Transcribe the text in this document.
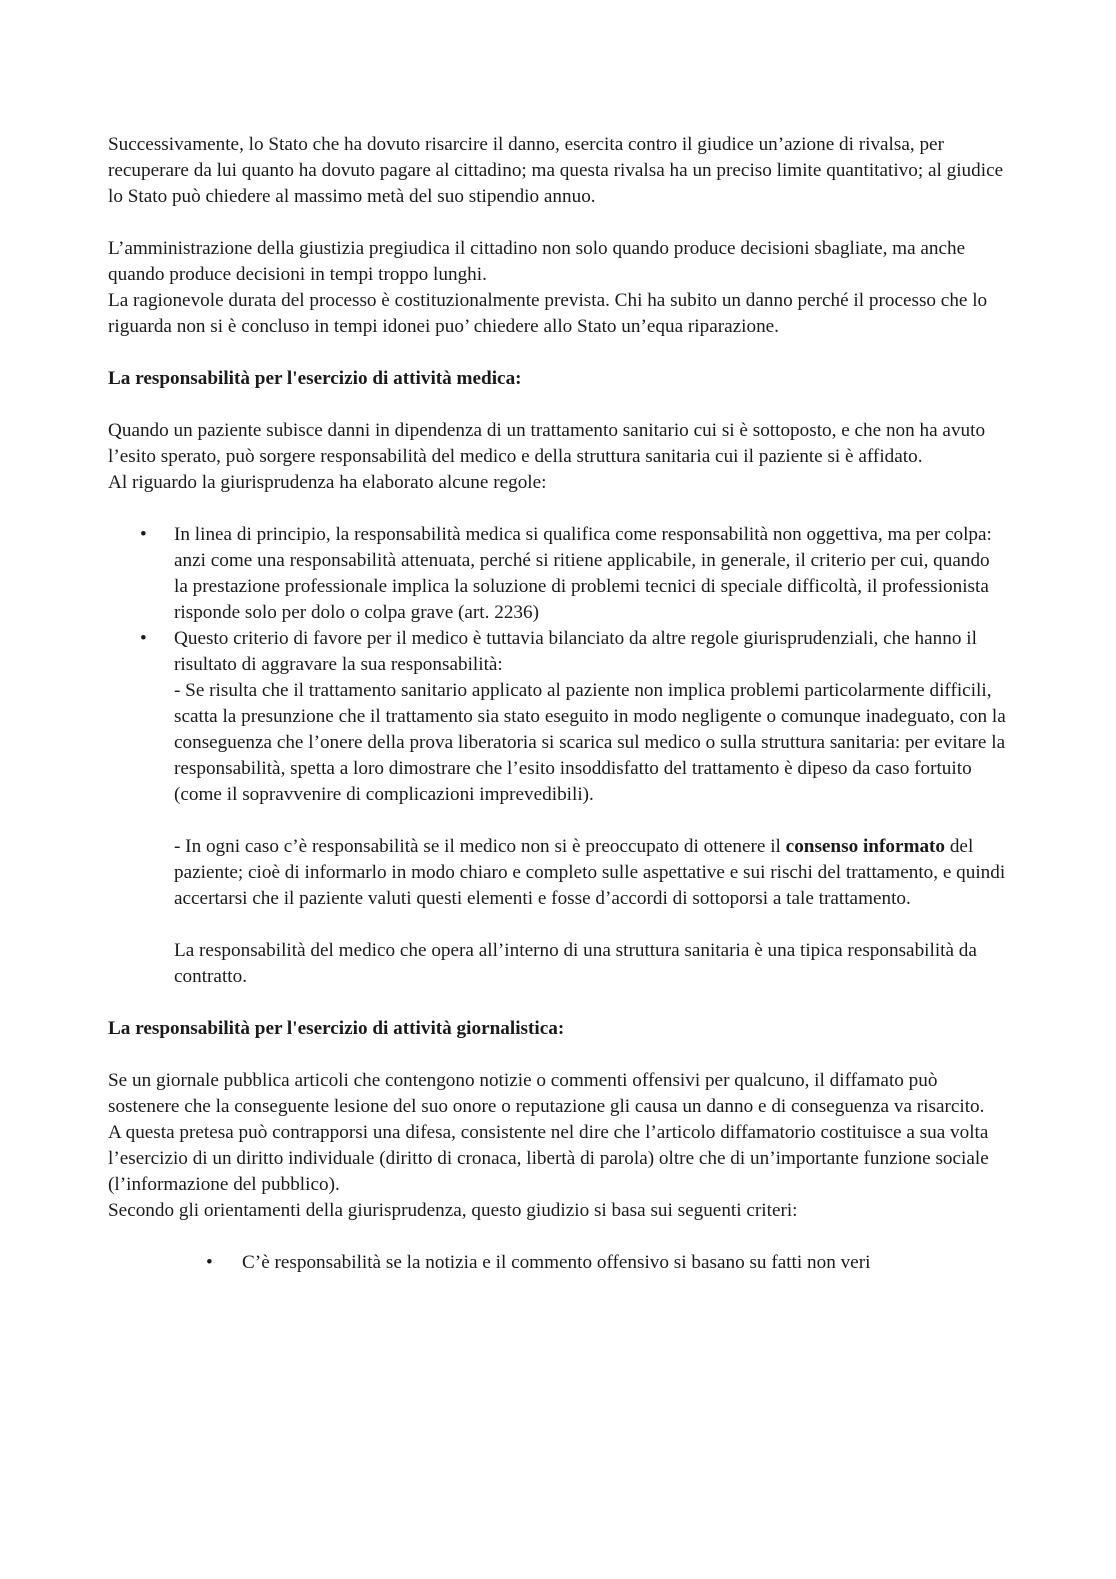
Successivamente, lo Stato che ha dovuto risarcire il danno, esercita contro il giudice un’azione di rivalsa, per recuperare da lui quanto ha dovuto pagare al cittadino; ma questa rivalsa ha un preciso limite quantitativo; al giudice lo Stato può chiedere al massimo metà del suo stipendio annuo.

L’amministrazione della giustizia pregiudica il cittadino non solo quando produce decisioni sbagliate, ma anche quando produce decisioni in tempi troppo lunghi.

La ragionevole durata del processo è costituzionalmente prevista. Chi ha subito un danno perché il processo che lo riguarda non si è concluso in tempi idonei puo’ chiedere allo Stato un’equa riparazione.

La responsabilità per l'esercizio di attività medica:

Quando un paziente subisce danni in dipendenza di un trattamento sanitario cui si è sottoposto, e che non ha avuto l’esito sperato, può sorgere responsabilità del medico e della struttura sanitaria cui il paziente si è affidato.

Al riguardo la giurisprudenza ha elaborato alcune regole:

• In linea di principio, la responsabilità medica si qualifica come responsabilità non oggettiva, ma per colpa: anzi come una responsabilità attenuata, perché si ritiene applicabile, in generale, il criterio per cui, quando la prestazione professionale implica la soluzione di problemi tecnici di speciale difficoltà, il professionista risponde solo per dolo o colpa grave (art. 2236)

• Questo criterio di favore per il medico è tuttavia bilanciato da altre regole giurisprudenziali, che hanno il risultato di aggravare la sua responsabilità:

- Se risulta che il trattamento sanitario applicato al paziente non implica problemi particolarmente difficili, scatta la presunzione che il trattamento sia stato eseguito in modo negligente o comunque inadeguato, con la conseguenza che l’onere della prova liberatoria si scarica sul medico o sulla struttura sanitaria: per evitare la responsabilità, spetta a loro dimostrare che l’esito insoddisfatto del trattamento è dipeso da caso fortuito (come il sopravvenire di complicazioni imprevedibili).

- In ogni caso c’è responsabilità se il medico non si è preoccupato di ottenere il consenso informato del paziente; cioè di informarlo in modo chiaro e completo sulle aspettative e sui rischi del trattamento, e quindi accertarsi che il paziente valuti questi elementi e fosse d’accordi di sottoporsi a tale trattamento.

La responsabilità del medico che opera all’interno di una struttura sanitaria è una tipica responsabilità da contratto.

La responsabilità per l'esercizio di attività giornalistica:

Se un giornale pubblica articoli che contengono notizie o commenti offensivi per qualcuno, il diffamato può sostenere che la conseguente lesione del suo onore o reputazione gli causa un danno e di conseguenza va risarcito.

A questa pretesa può contrapporsi una difesa, consistente nel dire che l’articolo diffamatorio costituisce a sua volta l’esercizio di un diritto individuale (diritto di cronaca, libertà di parola) oltre che di un’importante funzione sociale (l’informazione del pubblico).

Secondo gli orientamenti della giurisprudenza, questo giudizio si basa sui seguenti criteri:

• C’è responsabilità se la notizia e il commento offensivo si basano su fatti non veri
